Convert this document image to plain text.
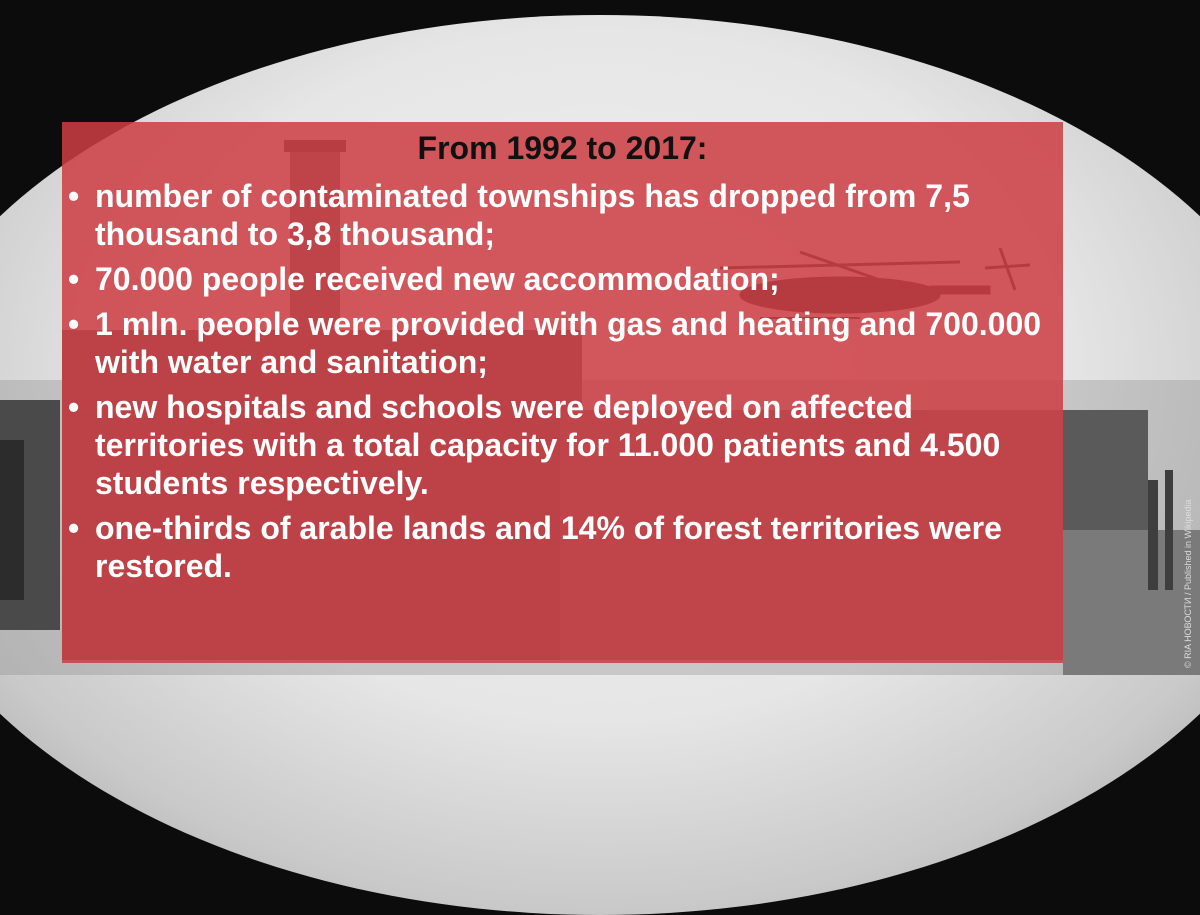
From 1992 to 2017:
• number of contaminated townships has dropped from 7,5 thousand to 3,8 thousand;
• 70.000 people received new accommodation;
• 1 mln. people were provided with gas and heating and 700.000 with water and sanitation;
• new hospitals and schools were deployed on affected territories with a total capacity for 11.000 patients and 4.500 students respectively.
• one-thirds of arable lands and 14% of forest territories were restored.	© RIA НОВОСТИ / Published in Wikipedia
